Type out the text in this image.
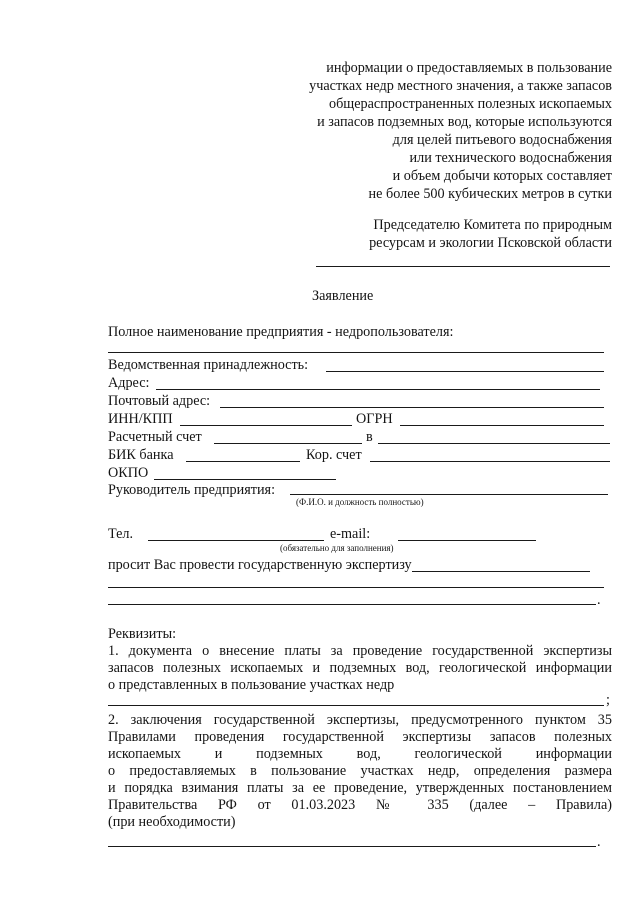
информации о предоставляемых в пользование
участках недр местного значения, а также запасов
общераспространенных полезных ископаемых
и запасов подземных вод, которые используются
для целей питьевого водоснабжения
или технического водоснабжения
и объем добычи которых составляет
не более 500 кубических метров в сутки
Председателю Комитета по природным
ресурсам и экологии Псковской области
Заявление
Полное наименование предприятия - недропользователя:
Ведомственная принадлежность:
Адрес:
Почтовый адрес:
ИНН/КПП	ОГРН
Расчетный счет	в
БИК банка	Кор. счет
ОКПО
Руководитель предприятия:
(Ф.И.О. и должность полностью)
Тел.	e-mail:
(обязательно для заполнения)
просит Вас провести государственную экспертизу
.
Реквизиты:
1. документа о внесение платы за проведение государственной экспертизы
запасов полезных ископаемых и подземных вод, геологической информации
о представленных в пользование участках недр
;
2. заключения государственной экспертизы, предусмотренного пунктом 35
Правилами проведения государственной экспертизы запасов полезных
ископаемых и подземных вод, геологической информации
о предоставляемых в пользование участках недр, определения размера
и порядка взимания платы за ее проведение, утвержденных постановлением
Правительства РФ от 01.03.2023 № 335 (далее – Правила)
(при необходимости)
.
